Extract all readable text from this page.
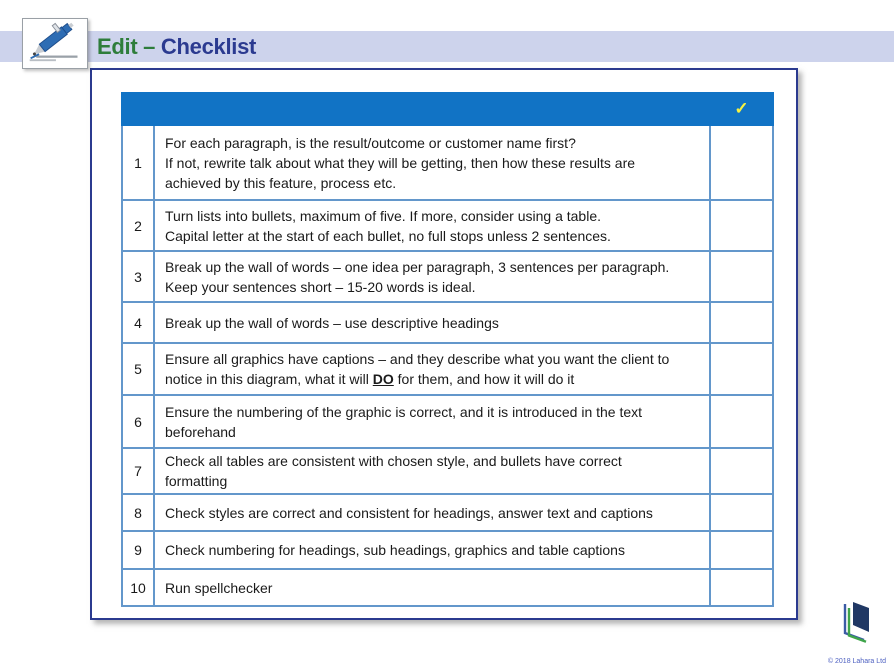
Edit – Checklist
		✓
1	For each paragraph, is the result/outcome or customer name first?
If not, rewrite talk about what they will be getting, then how these results are
achieved by this feature, process etc.	
2	Turn lists into bullets, maximum of five. If more, consider using a table.
Capital letter at the start of each bullet, no full stops unless 2 sentences.	
3	Break up the wall of words – one idea per paragraph, 3 sentences per paragraph.
Keep your sentences short – 15-20 words is ideal.	
4	Break up the wall of words – use descriptive headings	
5	Ensure all graphics have captions – and they describe what you want the client to
notice in this diagram, what it will DO for them, and how it will do it	
6	Ensure the numbering of the graphic is correct, and it is introduced in the text
beforehand	
7	Check all tables are consistent with chosen style, and bullets have correct
formatting	
8	Check styles are correct and consistent for headings, answer text and captions	
9	Check numbering for headings, sub headings, graphics and table captions	
10	Run spellchecker	
© 2018 Lahara Ltd
